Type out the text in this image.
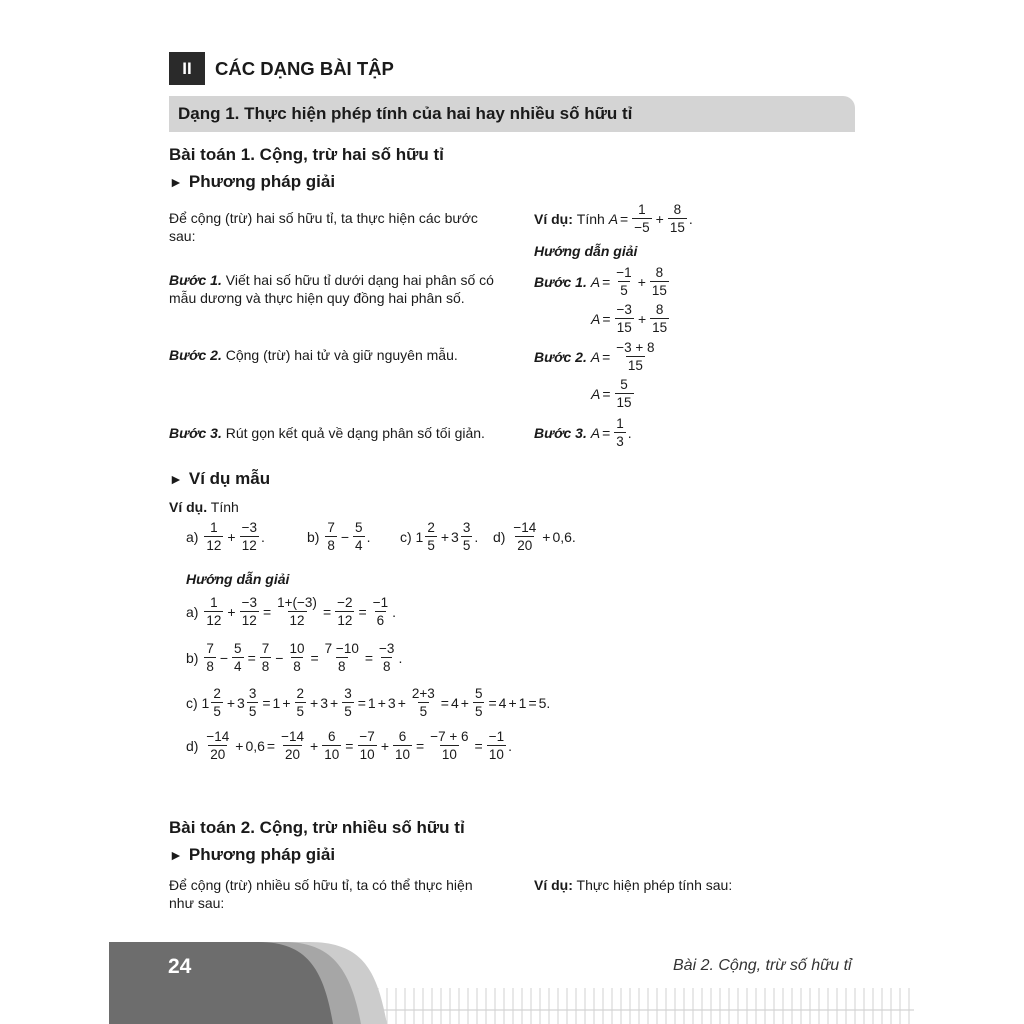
II	CÁC DẠNG BÀI TẬP
Dạng 1. Thực hiện phép tính của hai hay nhiều số hữu tỉ
Bài toán 1. Cộng, trừ hai số hữu tỉ
► Phương pháp giải
Để cộng (trừ) hai số hữu tỉ, ta thực hiện các bước sau:
Bước 1. Viết hai số hữu tỉ dưới dạng hai phân số có mẫu dương và thực hiện quy đồng hai phân số.
Bước 2. Cộng (trừ) hai tử và giữ nguyên mẫu.
Bước 3. Rút gọn kết quả về dạng phân số tối giản.
Ví dụ:
Tính
$A = \frac{1}{-5} + \frac{8}{15}$ .
Hướng dẫn giải
Bước 1.
$A = \frac{-1}{5} + \frac{8}{15}$
$A = \frac{-3}{15} + \frac{8}{15}$
Bước 2.
$A = \frac{-3 + 8}{15}$
$A = \frac{5}{15}$
Bước 3.
$A = \frac{1}{3}$ .
► Ví dụ mẫu
Ví dụ. Tính
a)
1
12
+ $\frac{-3}{12}$ .	b)
7
8
− $\frac{5}{4}$ . c) 1
2
5
+ $3 \frac{3}{5}$ . d)
−14
20
+ 0,6.
Hướng dẫn giải
a)
1
12
+ $\frac{-3}{12} = \frac{1+(-3)}{12} = \frac{-2}{12} = \frac{-1}{6}$ .
b)
7
8
− $\frac{5}{4} = \frac{7}{8} - \frac{10}{8} = \frac{7 -10}{8} = \frac{-3}{8}$ .
c) 1
2
5
+ $3 \frac{3}{5} = 1 + \frac{2}{5} + 3 + \frac{3}{5} = 1 + 3 + \frac{2+3}{5} = 4 + \frac{5}{5} = 4 + 1 = 5$.
d)
−14
20
+ $0,6 = \frac{-14}{20} + \frac{6}{10} = \frac{-7}{10} + \frac{6}{10} = \frac{-7 + 6}{10} = \frac{-1}{10}$ .
Bài toán 2. Cộng, trừ nhiều số hữu tỉ
► Phương pháp giải
Để cộng (trừ) nhiều số hữu tỉ, ta có thể thực hiện như sau:
Ví dụ: Thực hiện phép tính sau:
24	Bài 2. Cộng, trừ số hữu tỉ
